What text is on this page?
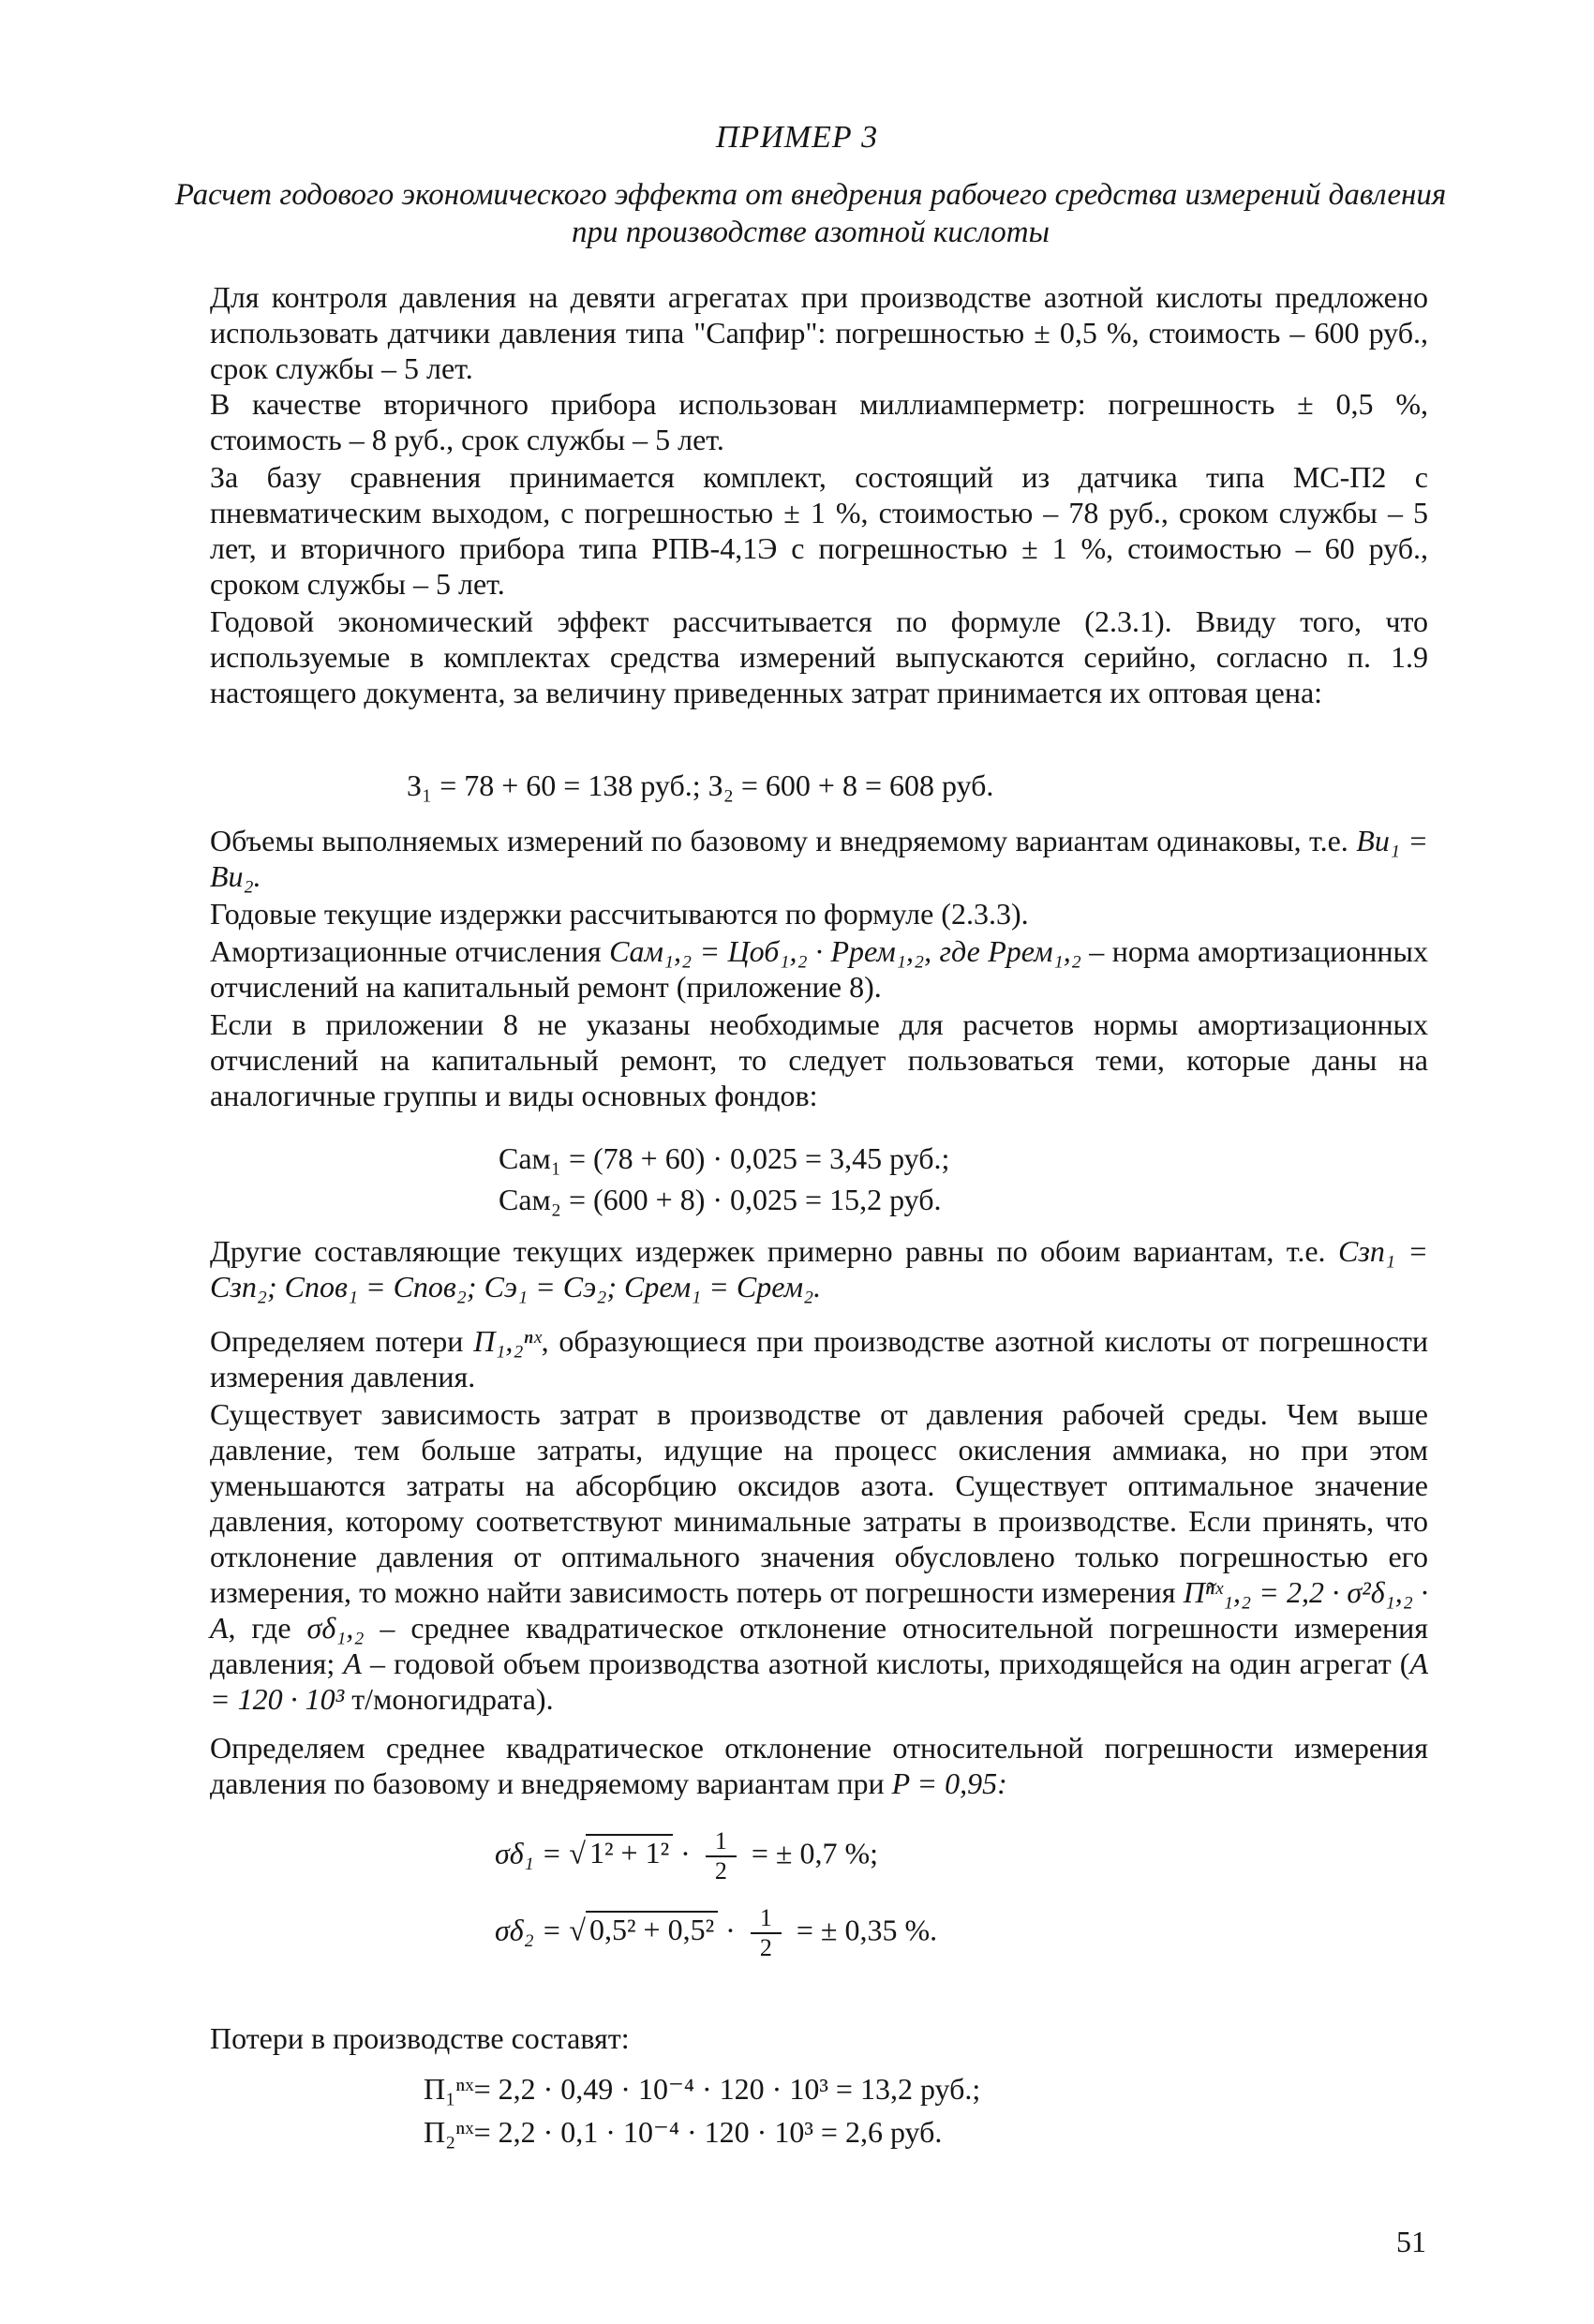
ПРИМЕР 3
Расчет годового экономического эффекта от внедрения рабочего средства измерений давления при производстве азотной кислоты

Для контроля давления на девяти агрегатах при производстве азотной кислоты предложено использовать датчики давления типа "Сапфир": погрешностью ± 0,5 %, стоимость – 600 руб., срок службы – 5 лет.

В качестве вторичного прибора использован миллиамперметр: погрешность ± 0,5 %, стоимость – 8 руб., срок службы – 5 лет.

За базу сравнения принимается комплект, состоящий из датчика типа МС-П2 с пневматическим выходом, с погрешностью ± 1 %, стоимостью – 78 руб., сроком службы – 5 лет, и вторичного прибора типа РПВ-4,1Э с погрешностью ± 1 %, стоимостью – 60 руб., сроком службы – 5 лет.

Годовой экономический эффект рассчитывается по формуле (2.3.1). Ввиду того, что используемые в комплектах средства измерений выпускаются серийно, согласно п. 1.9 настоящего документа, за величину приведенных затрат принимается их оптовая цена:

З₁ = 78 + 60 = 138 руб.; З₂ = 600 + 8 = 608 руб.

Объемы выполняемых измерений по базовому и внедряемому вариантам одинаковы, т.е. Bи₁ = Bи₂.

Годовые текущие издержки рассчитываются по формуле (2.3.3).

Амортизационные отчисления Cам₁,₂ = Цоб₁,₂ · Pрем₁,₂, где Pрем₁,₂ – норма амортизационных отчислений на капитальный ремонт (приложение 8).

Если в приложении 8 не указаны необходимые для расчетов нормы амортизационных отчислений на капитальный ремонт, то следует пользоваться теми, которые даны на аналогичные группы и виды основных фондов:

Cам₁ = (78 + 60) · 0,025 = 3,45 руб.;
Cам₂ = (600 + 8) · 0,025 = 15,2 руб.

Другие составляющие текущих издержек примерно равны по обоим вариантам, т.е. Cзп₁ = Cзп₂; Cпов₁ = Cпов₂; Cэ₁ = Cэ₂; Cрем₁ = Cрем₂.

Определяем потери П₁,₂ⁿˣ, образующиеся при производстве азотной кислоты от погрешности измерения давления.

Существует зависимость затрат в производстве от давления рабочей среды. Чем выше давление, тем больше затраты, идущие на процесс окисления аммиака, но при этом уменьшаются затраты на абсорбцию оксидов азота. Существует оптимальное значение давления, которому соответствуют минимальные затраты в производстве. Если принять, что отклонение давления от оптимального значения обусловлено только погрешностью его измерения, то можно найти зависимость потерь от погрешности измерения П̃ⁿˣ₁,₂ = 2,2 · σ²δ₁,₂ · A, где σδ₁,₂ – среднее квадратическое отклонение относительной погрешности измерения давления; A – годовой объем производства азотной кислоты, приходящейся на один агрегат (A = 120 · 10³ т/моногидрата).

Определяем среднее квадратическое отклонение относительной погрешности измерения давления по базовому и внедряемому вариантам при P = 0,95:

σδ₁ = √ $1^2 + 1^2 \cdot \frac{1}{2}$ = ± 0,7 %;
σδ₂ = √ $0,5^2 + 0,5^2 \cdot \frac{1}{2}$ = ± 0,35 %.

Потери в производстве составят:

П₁ⁿˣ= 2,2 · 0,49 · 10⁻⁴ · 120 · 10³ = 13,2 руб.;
П₂ⁿˣ= 2,2 · 0,1 · 10⁻⁴ · 120 · 10³ = 2,6 руб.
51
